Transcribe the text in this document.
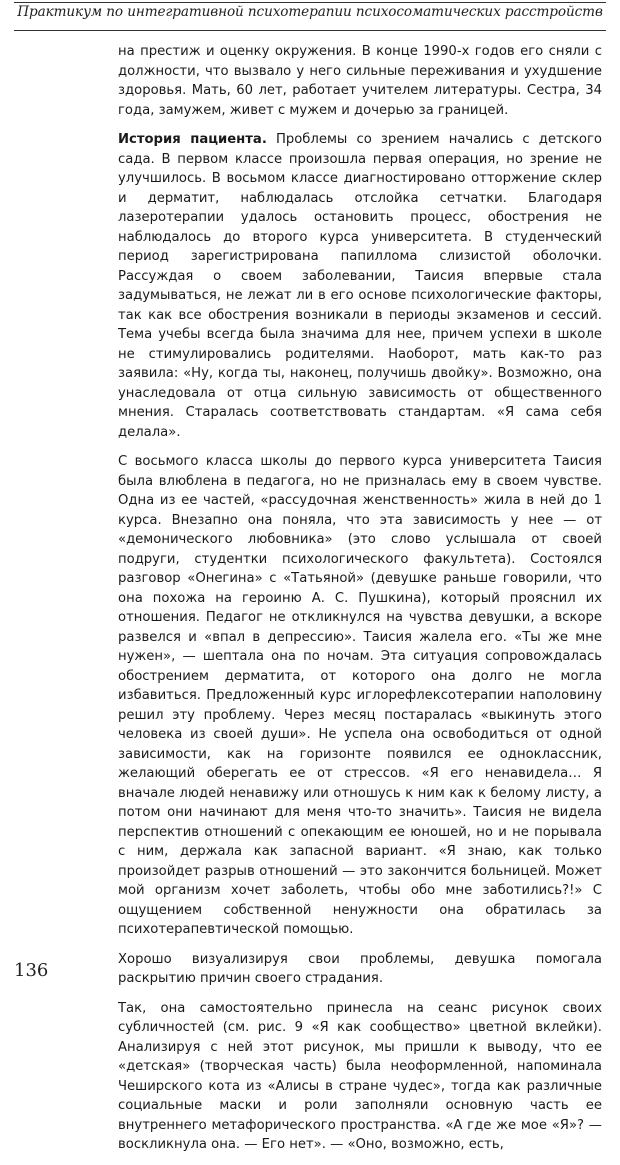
Практикум по интегративной психотерапии психосоматических расстройств

на престиж и оценку окружения. В конце 1990-х годов его сняли с должности, что вызвало у него сильные переживания и ухудшение здоровья. Мать, 60 лет, работает учителем литературы. Сестра, 34 года, замужем, живет с мужем и дочерью за границей.

История пациента. Проблемы со зрением начались с детского сада. В первом классе произошла первая операция, но зрение не улучшилось. В восьмом классе диагностировано отторжение склер и дерматит, наблюдалась отслойка сетчатки. Благодаря лазеротерапии удалось остановить процесс, обострения не наблюдалось до второго курса университета. В студенческий период зарегистрирована папиллома слизистой оболочки. Рассуждая о своем заболевании, Таисия впервые стала задумываться, не лежат ли в его основе психологические факторы, так как все обострения возникали в периоды экзаменов и сессий. Тема учебы всегда была значима для нее, причем успехи в школе не стимулировались родителями. Наоборот, мать как-то раз заявила: «Ну, когда ты, наконец, получишь двойку». Возможно, она унаследовала от отца сильную зависимость от общественного мнения. Старалась соответствовать стандартам. «Я сама себя делала».

С восьмого класса школы до первого курса университета Таисия была влюблена в педагога, но не призналась ему в своем чувстве. Одна из ее частей, «рассудочная женственность» жила в ней до 1 курса. Внезапно она поняла, что эта зависимость у нее — от «демонического любовника» (это слово услышала от своей подруги, студентки психологического факультета). Состоялся разговор «Онегина» с «Татьяной» (девушке раньше говорили, что она похожа на героиню А. С. Пушкина), который прояснил их отношения. Педагог не откликнулся на чувства девушки, а вскоре развелся и «впал в депрессию». Таисия жалела его. «Ты же мне нужен», — шептала она по ночам. Эта ситуация сопровождалась обострением дерматита, от которого она долго не могла избавиться. Предложенный курс иглорефлексотерапии наполовину решил эту проблему. Через месяц постаралась «выкинуть этого человека из своей души». Не успела она освободиться от одной зависимости, как на горизонте появился ее одноклассник, желающий оберегать ее от стрессов. «Я его ненавидела… Я вначале людей ненавижу или отношусь к ним как к белому листу, а потом они начинают для меня что-то значить». Таисия не видела перспектив отношений с опекающим ее юношей, но и не порывала с ним, держала как запасной вариант. «Я знаю, как только произойдет разрыв отношений — это закончится больницей. Может мой организм хочет заболеть, чтобы обо мне заботились?!» С ощущением собственной ненужности она обратилась за психотерапевтической помощью.

Хорошо визуализируя свои проблемы, девушка помогала раскрытию причин своего страдания.

Так, она самостоятельно принесла на сеанс рисунок своих субличностей (см. рис. 9 «Я как сообщество» цветной вклейки). Анализируя с ней этот рисунок, мы пришли к выводу, что ее «детская» (творческая часть) была неоформленной, напоминала Чеширского кота из «Алисы в стране чудес», тогда как различные социальные маски и роли заполняли основную часть ее внутреннего метафорического пространства. «А где же мое «Я»? — воскликнула она. — Его нет». — «Оно, возможно, есть,

136
